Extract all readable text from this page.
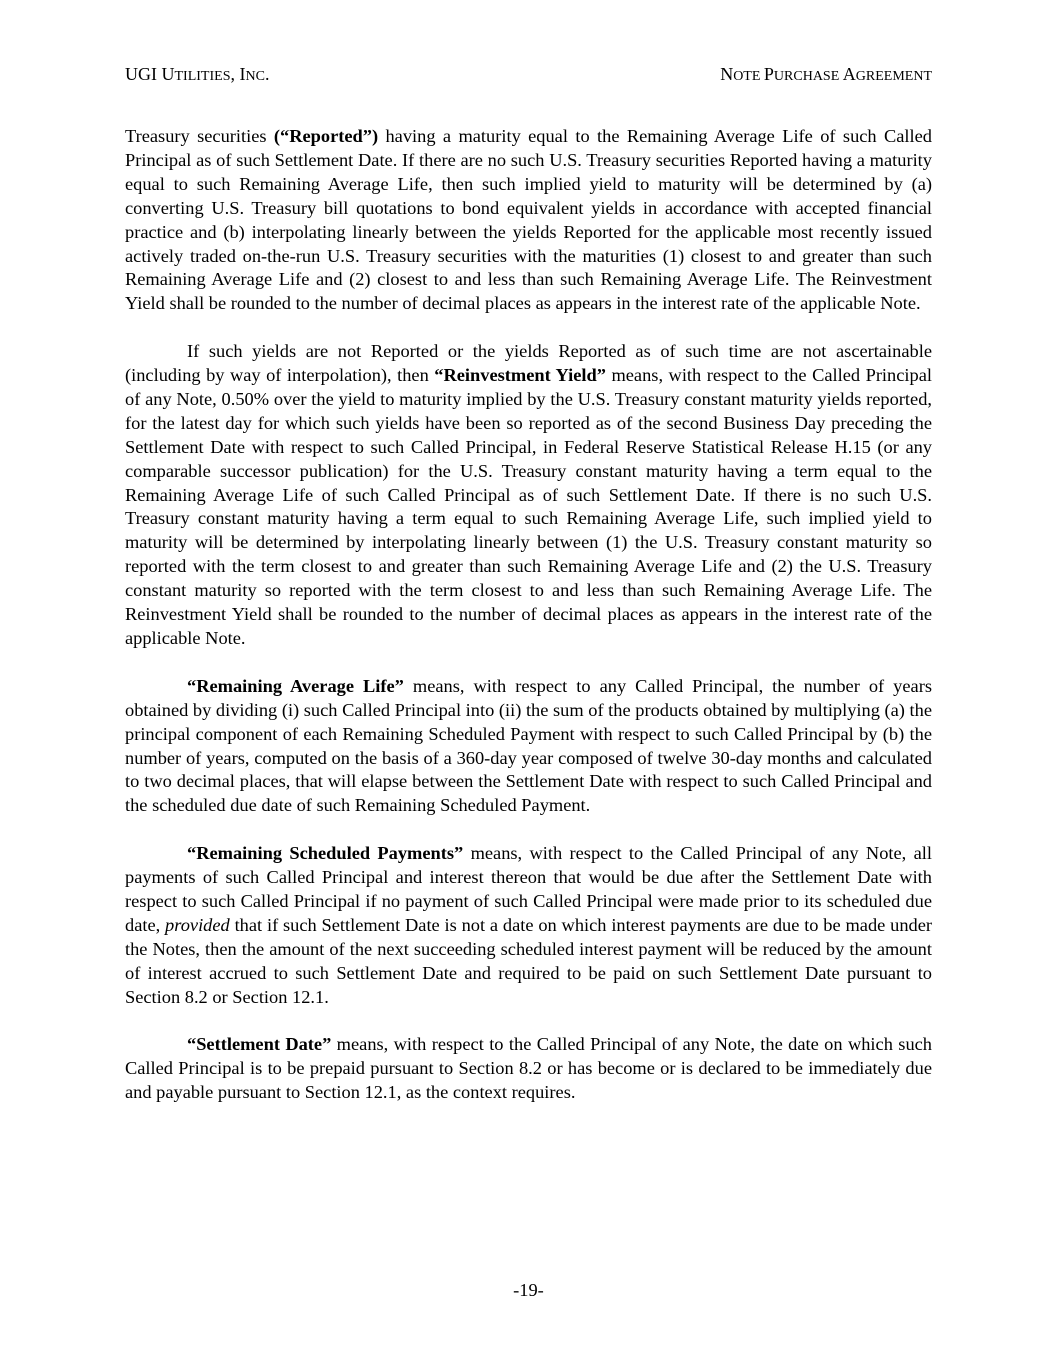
UGI UTILITIES, INC.	NOTE PURCHASE AGREEMENT

Treasury securities (“Reported”) having a maturity equal to the Remaining Average Life of such Called Principal as of such Settlement Date. If there are no such U.S. Treasury securities Reported having a maturity equal to such Remaining Average Life, then such implied yield to maturity will be determined by (a) converting U.S. Treasury bill quotations to bond equivalent yields in accordance with accepted financial practice and (b) interpolating linearly between the yields Reported for the applicable most recently issued actively traded on-the-run U.S. Treasury securities with the maturities (1) closest to and greater than such Remaining Average Life and (2) closest to and less than such Remaining Average Life. The Reinvestment Yield shall be rounded to the number of decimal places as appears in the interest rate of the applicable Note.

If such yields are not Reported or the yields Reported as of such time are not ascertainable (including by way of interpolation), then “Reinvestment Yield” means, with respect to the Called Principal of any Note, 0.50% over the yield to maturity implied by the U.S. Treasury constant maturity yields reported, for the latest day for which such yields have been so reported as of the second Business Day preceding the Settlement Date with respect to such Called Principal, in Federal Reserve Statistical Release H.15 (or any comparable successor publication) for the U.S. Treasury constant maturity having a term equal to the Remaining Average Life of such Called Principal as of such Settlement Date. If there is no such U.S. Treasury constant maturity having a term equal to such Remaining Average Life, such implied yield to maturity will be determined by interpolating linearly between (1) the U.S. Treasury constant maturity so reported with the term closest to and greater than such Remaining Average Life and (2) the U.S. Treasury constant maturity so reported with the term closest to and less than such Remaining Average Life. The Reinvestment Yield shall be rounded to the number of decimal places as appears in the interest rate of the applicable Note.

“Remaining Average Life” means, with respect to any Called Principal, the number of years obtained by dividing (i) such Called Principal into (ii) the sum of the products obtained by multiplying (a) the principal component of each Remaining Scheduled Payment with respect to such Called Principal by (b) the number of years, computed on the basis of a 360-day year composed of twelve 30-day months and calculated to two decimal places, that will elapse between the Settlement Date with respect to such Called Principal and the scheduled due date of such Remaining Scheduled Payment.

“Remaining Scheduled Payments” means, with respect to the Called Principal of any Note, all payments of such Called Principal and interest thereon that would be due after the Settlement Date with respect to such Called Principal if no payment of such Called Principal were made prior to its scheduled due date, provided that if such Settlement Date is not a date on which interest payments are due to be made under the Notes, then the amount of the next succeeding scheduled interest payment will be reduced by the amount of interest accrued to such Settlement Date and required to be paid on such Settlement Date pursuant to Section 8.2 or Section 12.1.

“Settlement Date” means, with respect to the Called Principal of any Note, the date on which such Called Principal is to be prepaid pursuant to Section 8.2 or has become or is declared to be immediately due and payable pursuant to Section 12.1, as the context requires.

-19-
